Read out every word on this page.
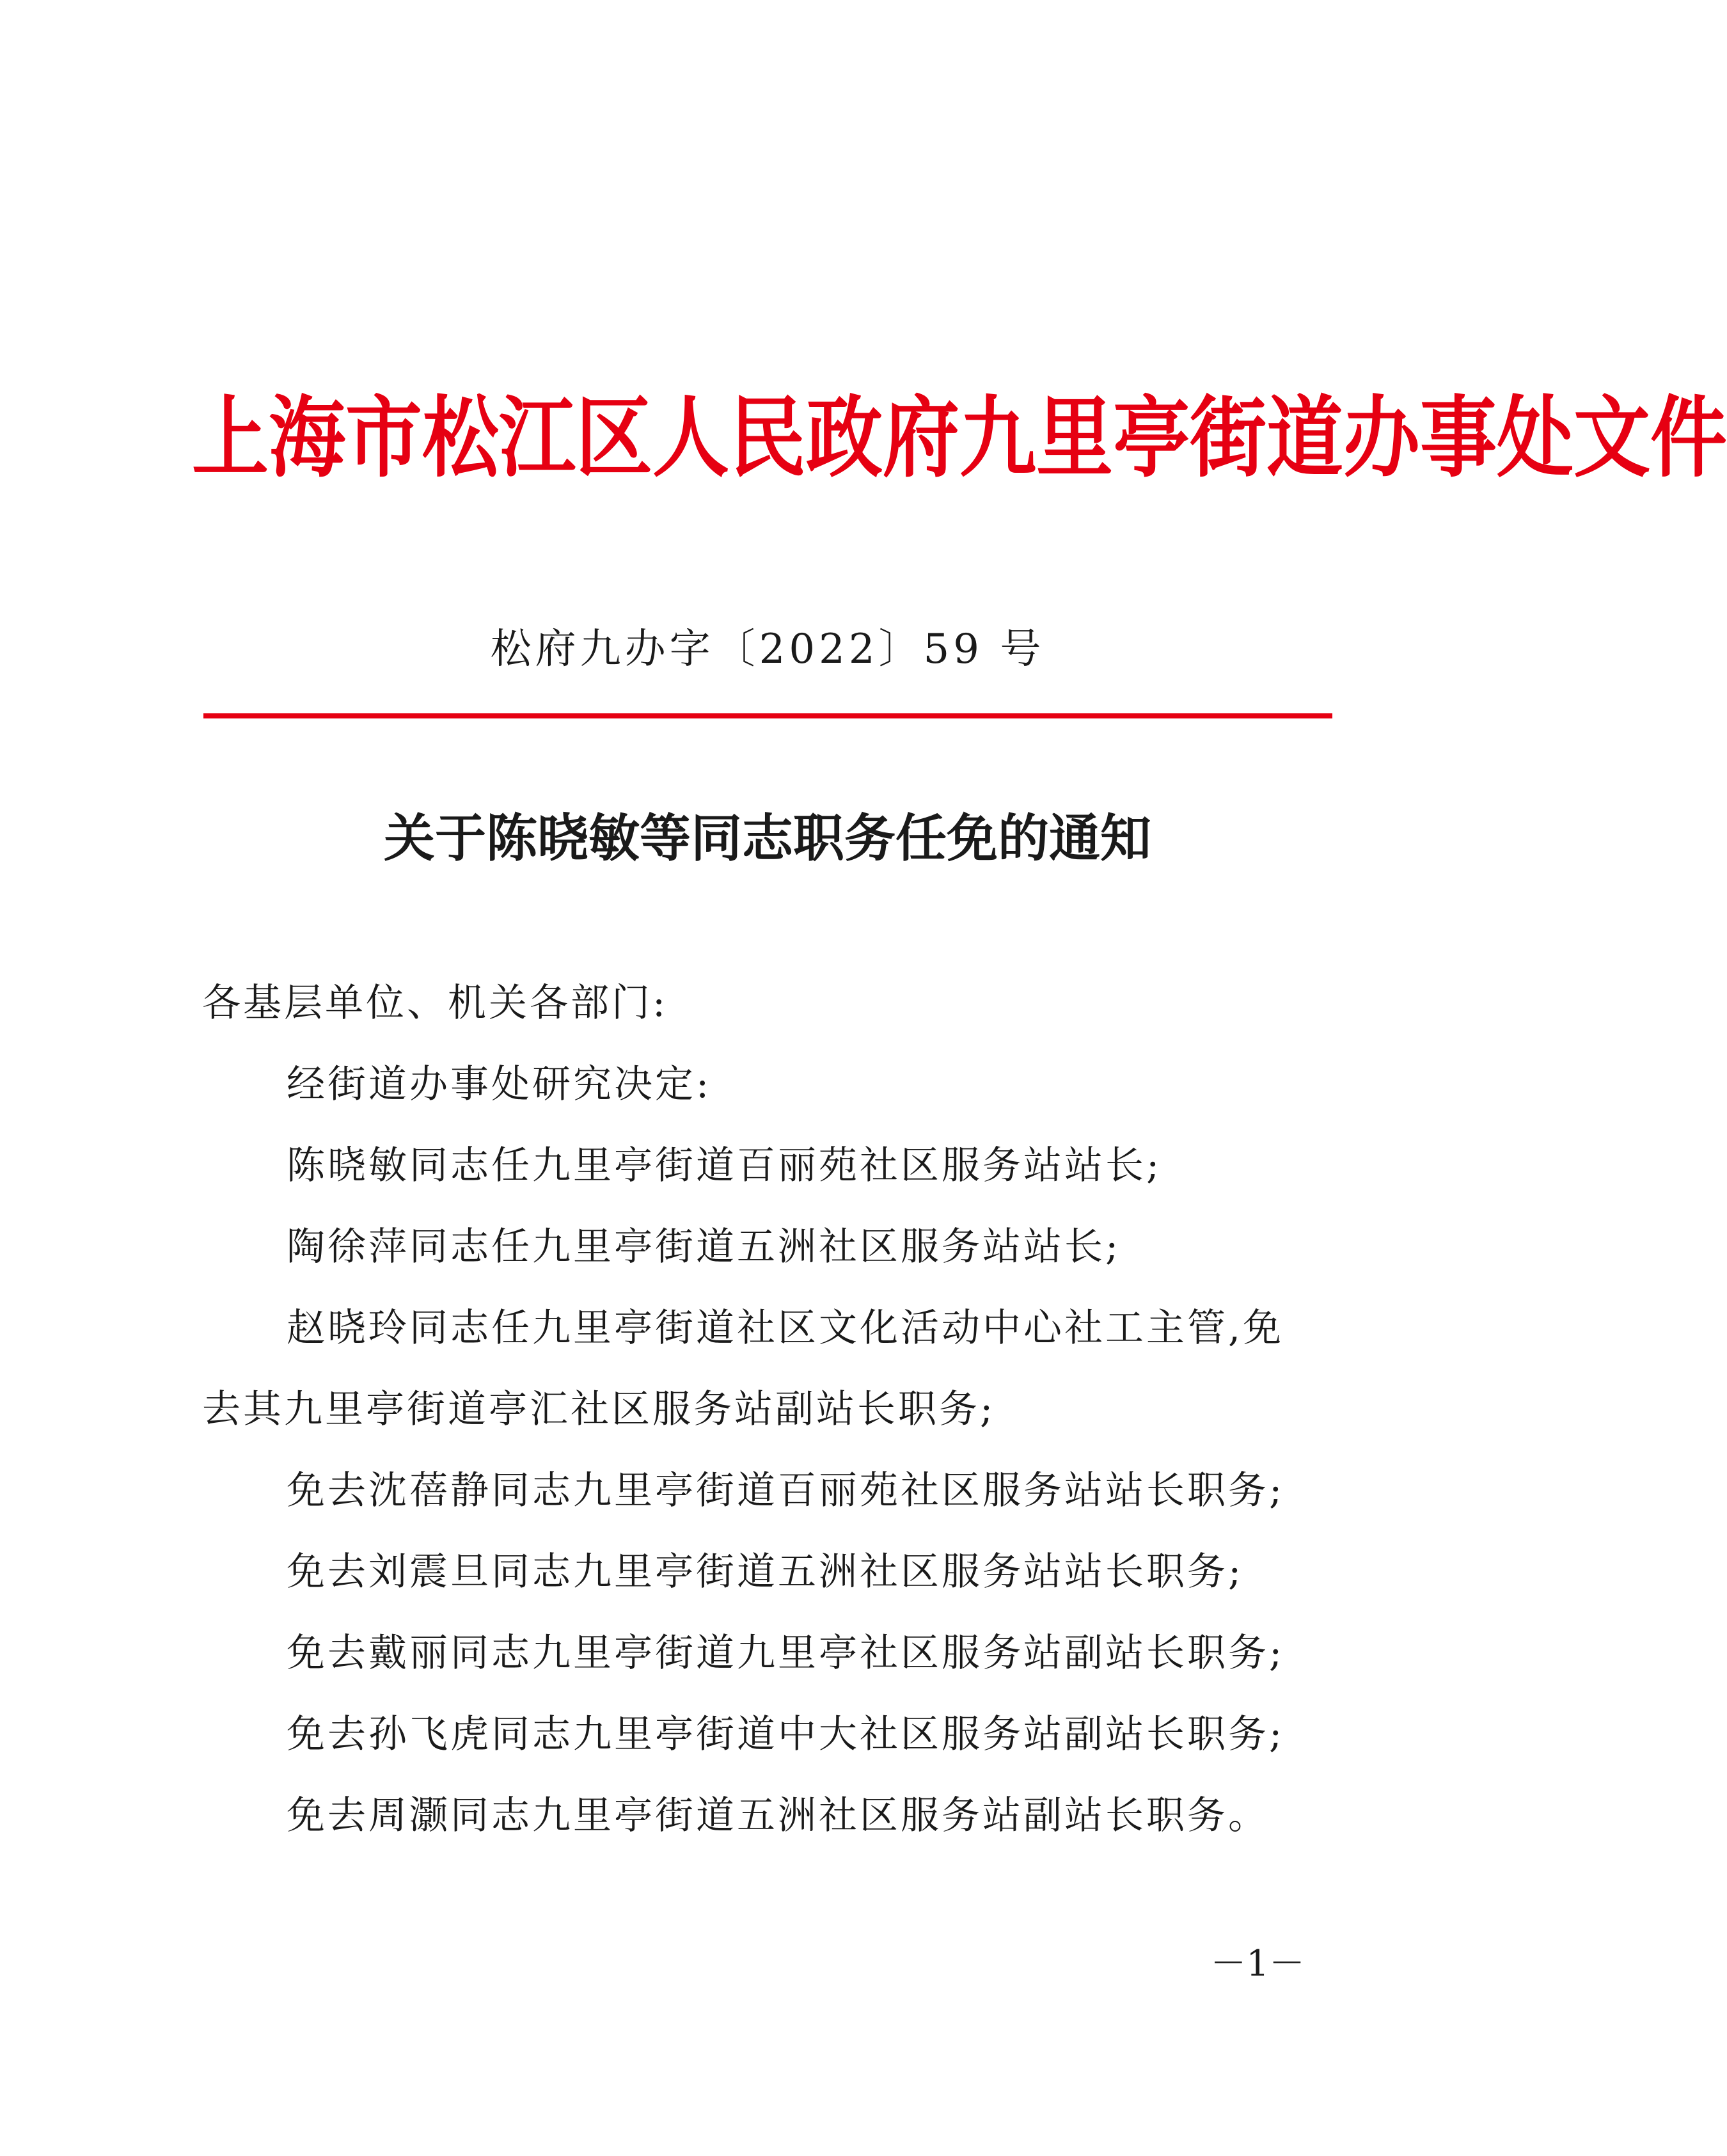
上海市松江区人民政府九里亭街道办事处文件
松府九办字〔2022〕59 号
关于陈晓敏等同志职务任免的通知
各基层单位、机关各部门:
经街道办事处研究决定:
陈晓敏同志任九里亭街道百丽苑社区服务站站长;
陶徐萍同志任九里亭街道五洲社区服务站站长;
赵晓玲同志任九里亭街道社区文化活动中心社工主管,免
去其九里亭街道亭汇社区服务站副站长职务;
免去沈蓓静同志九里亭街道百丽苑社区服务站站长职务;
免去刘震旦同志九里亭街道五洲社区服务站站长职务;
免去戴丽同志九里亭街道九里亭社区服务站副站长职务;
免去孙飞虎同志九里亭街道中大社区服务站副站长职务;
免去周灏同志九里亭街道五洲社区服务站副站长职务。
－1－
